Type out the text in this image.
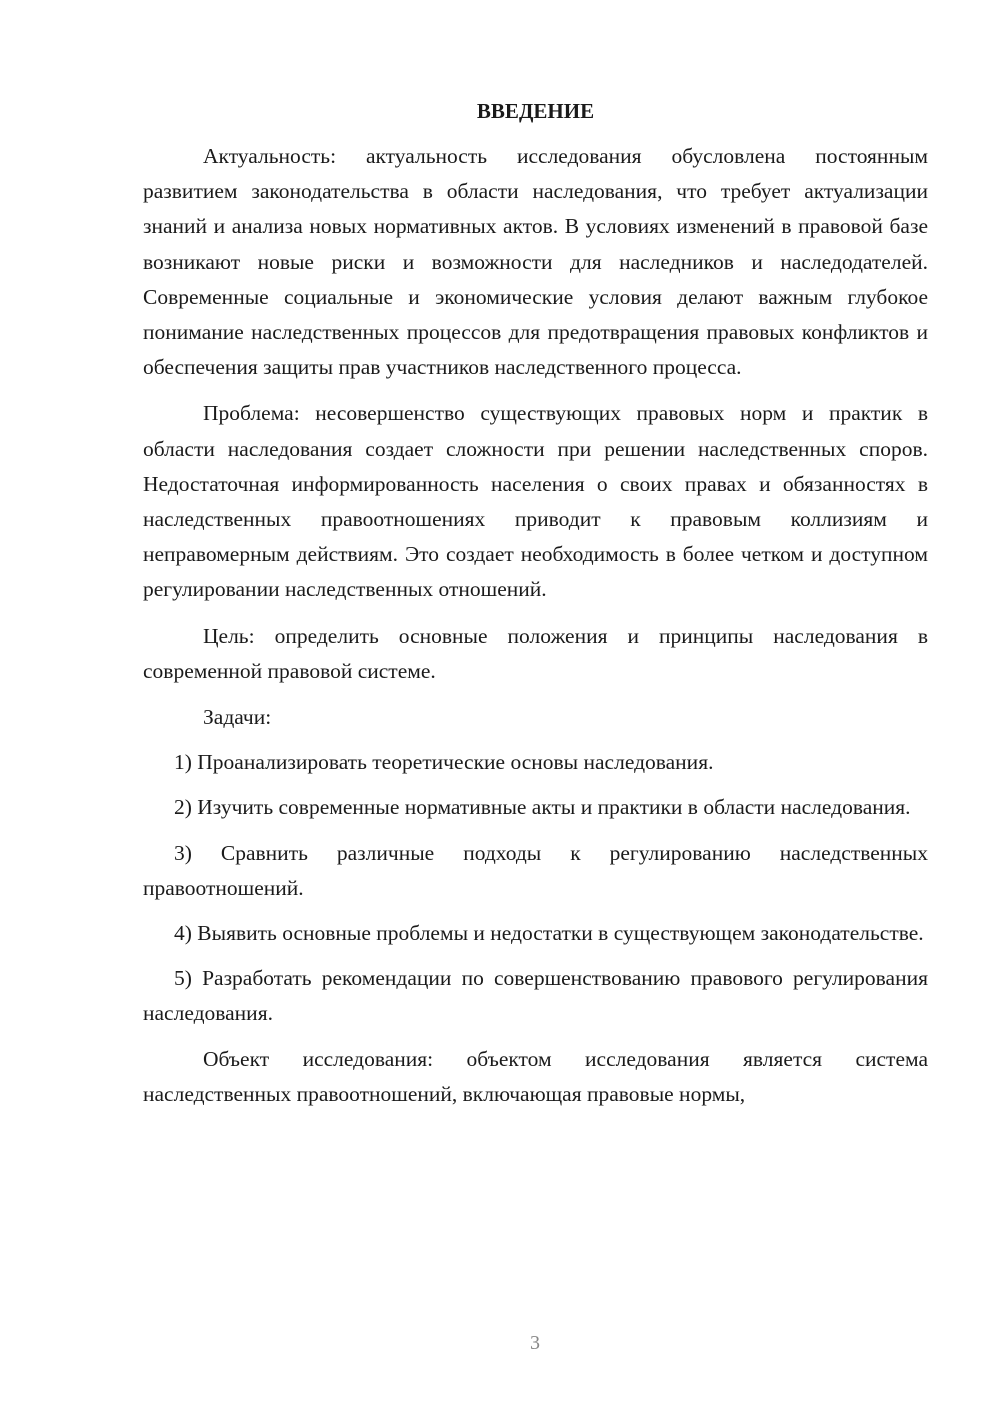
ВВЕДЕНИЕ

Актуальность: актуальность исследования обусловлена постоянным развитием законодательства в области наследования, что требует актуализации знаний и анализа новых нормативных актов. В условиях изменений в правовой базе возникают новые риски и возможности для наследников и наследодателей. Современные социальные и экономические условия делают важным глубокое понимание наследственных процессов для предотвращения правовых конфликтов и обеспечения защиты прав участников наследственного процесса.

Проблема: несовершенство существующих правовых норм и практик в области наследования создает сложности при решении наследственных споров. Недостаточная информированность населения о своих правах и обязанностях в наследственных правоотношениях приводит к правовым коллизиям и неправомерным действиям. Это создает необходимость в более четком и доступном регулировании наследственных отношений.

Цель: определить основные положения и принципы наследования в современной правовой системе.

Задачи:

1) Проанализировать теоретические основы наследования.

2) Изучить современные нормативные акты и практики в области наследования.

3) Сравнить различные подходы к регулированию наследственных правоотношений.

4) Выявить основные проблемы и недостатки в существующем законодательстве.

5) Разработать рекомендации по совершенствованию правового регулирования наследования.

Объект исследования: объектом исследования является система наследственных правоотношений, включающая правовые нормы,

3
